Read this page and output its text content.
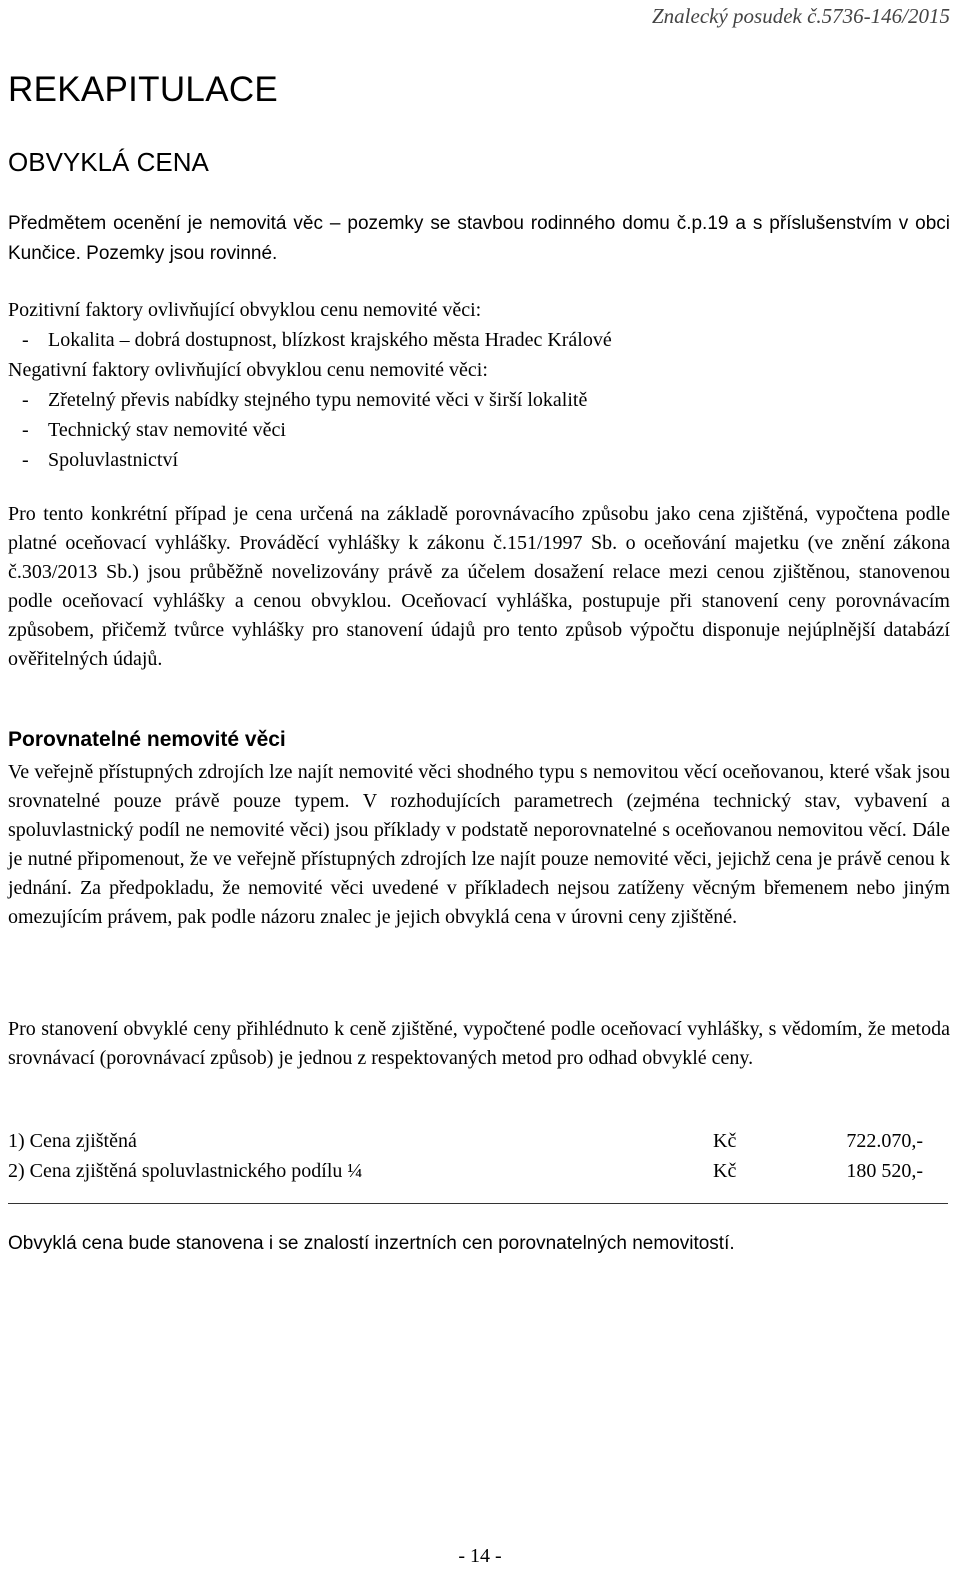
Znalecký posudek č.5736-146/2015
REKAPITULACE
OBVYKLÁ CENA
Předmětem ocenění je nemovitá věc – pozemky se stavbou rodinného domu č.p.19 a s příslušenstvím v obci Kunčice. Pozemky jsou rovinné.
Pozitivní faktory ovlivňující obvyklou cenu nemovité věci:
- Lokalita – dobrá dostupnost, blízkost krajského města Hradec Králové
Negativní faktory ovlivňující obvyklou cenu nemovité věci:
- Zřetelný převis nabídky stejného typu nemovité věci v širší lokalitě
- Technický stav nemovité věci
- Spoluvlastnictví
Pro tento konkrétní případ je cena určená na základě porovnávacího způsobu jako cena zjištěná, vypočtena podle platné oceňovací vyhlášky. Prováděcí vyhlášky k zákonu č.151/1997 Sb. o oceňování majetku (ve znění zákona č.303/2013 Sb.) jsou průběžně novelizovány právě za účelem dosažení relace mezi cenou zjištěnou, stanovenou podle oceňovací vyhlášky a cenou obvyklou. Oceňovací vyhláška, postupuje při stanovení ceny porovnávacím způsobem, přičemž tvůrce vyhlášky pro stanovení údajů pro tento způsob výpočtu disponuje nejúplnější databází ověřitelných údajů.
Porovnatelné nemovité věci
Ve veřejně přístupných zdrojích lze najít nemovité věci shodného typu s nemovitou věcí oceňovanou, které však jsou srovnatelné pouze právě pouze typem. V rozhodujících parametrech (zejména technický stav, vybavení a spoluvlastnický podíl ne nemovité věci) jsou příklady v podstatě neporovnatelné s oceňovanou nemovitou věcí. Dále je nutné připomenout, že ve veřejně přístupných zdrojích lze najít pouze nemovité věci, jejichž cena je právě cenou k jednání. Za předpokladu, že nemovité věci uvedené v příkladech nejsou zatíženy věcným břemenem nebo jiným omezujícím právem, pak podle názoru znalec je jejich obvyklá cena v úrovni ceny zjištěné.
Pro stanovení obvyklé ceny přihlédnuto k ceně zjištěné, vypočtené podle oceňovací vyhlášky, s vědomím, že metoda srovnávací (porovnávací způsob) je jednou z respektovaných metod pro odhad obvyklé ceny.
1) Cena zjištěná	Kč	722.070,-
2) Cena zjištěná spoluvlastnického podílu ¼	Kč	180 520,-
Obvyklá cena bude stanovena i se znalostí inzertních cen porovnatelných nemovitostí.
- 14 -
